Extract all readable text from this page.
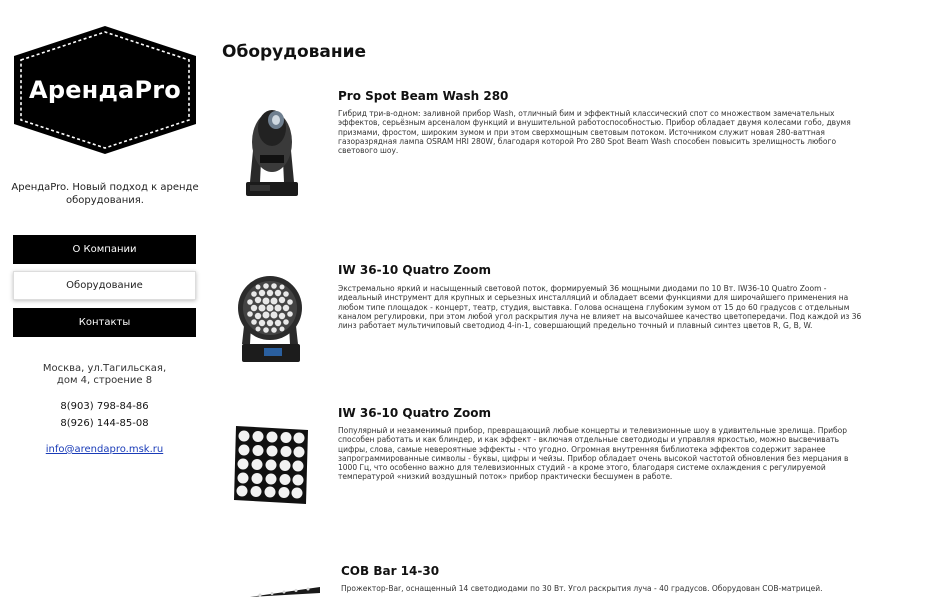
АрендаPro
АрендаPro. Новый подход к аренде оборудования.
О Компании
Оборудование
Контакты
Москва, ул.Тагильская,
дом 4, строение 8
8(903) 798-84-86
8(926) 144-85-08
info@arendapro.msk.ru
Оборудование
Pro Spot Beam Wash 280
Гибрид три-в-одном: заливной прибор Wash, отличный бим и эффектный классический спот со множеством замечательных эффектов, серьёзным арсеналом функций и внушительной работоспособностью. Прибор обладает двумя колесами гобо, двумя призмами, фростом, широким зумом и при этом сверхмощным световым потоком. Источником служит новая 280-ваттная газоразрядная лампа OSRAM HRI 280W, благодаря которой Pro 280 Spot Beam Wash способен повысить зрелищность любого светового шоу.
IW 36-10 Quatro Zoom
Экстремально яркий и насыщенный световой поток, формируемый 36 мощными диодами по 10 Вт. IW36-10 Quatro Zoom - идеальный инструмент для крупных и серьезных инсталляций и обладает всеми функциями для широчайшего применения на любом типе площадок - концерт, театр, студия, выставка. Голова оснащена глубоким зумом от 15 до 60 градусов с отдельным каналом регулировки, при этом любой угол раскрытия луча не влияет на высочайшее качество цветопередачи. Под каждой из 36 линз работает мультичиповый светодиод 4-in-1, совершающий предельно точный и плавный синтез цветов R, G, B, W.
IW 36-10 Quatro Zoom
Популярный и незаменимый прибор, превращающий любые концерты и телевизионные шоу в удивительные зрелища. Прибор способен работать и как блиндер, и как эффект - включая отдельные светодиоды и управляя яркостью, можно высвечивать цифры, слова, самые невероятные эффекты - что угодно. Огромная внутренняя библиотека эффектов содержит заранее запрограммированные символы - буквы, цифры и чейзы. Прибор обладает очень высокой частотой обновления без мерцания в 1000 Гц, что особенно важно для телевизионных студий - а кроме этого, благодаря системе охлаждения с регулируемой температурой «низкий воздушный поток» прибор практически бесшумен в работе.
COB Bar 14-30
Прожектор-Bar, оснащенный 14 светодиодами по 30 Вт. Угол раскрытия луча - 40 градусов. Оборудован COB-матрицей.
